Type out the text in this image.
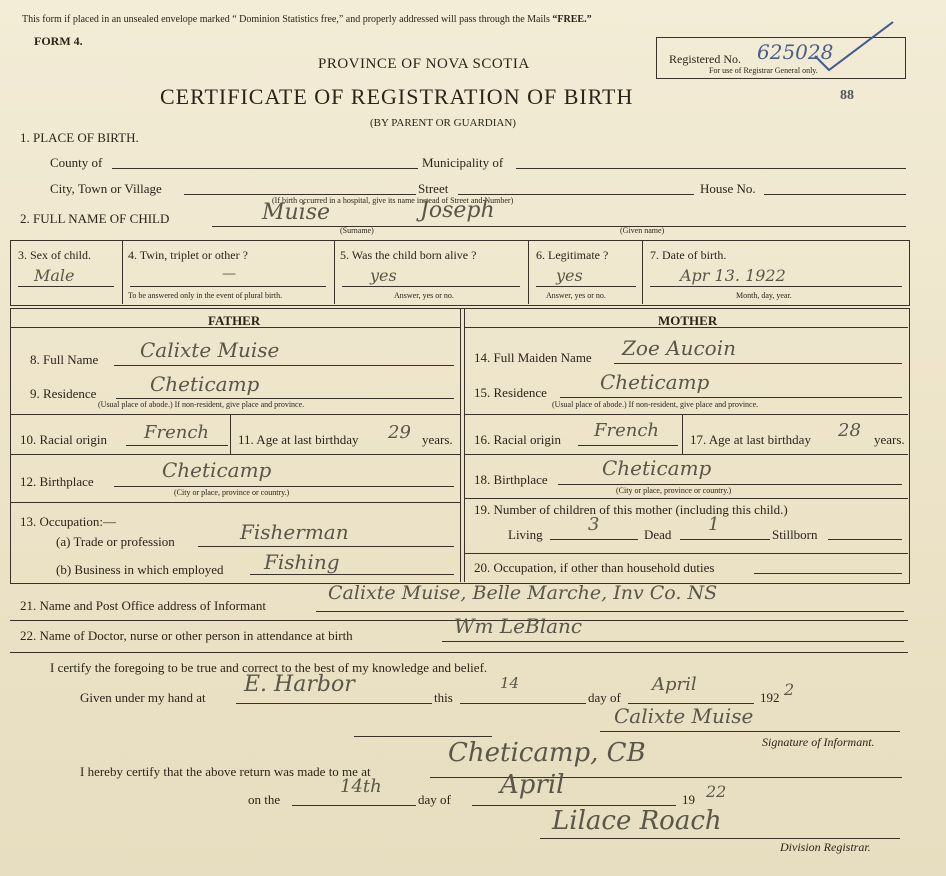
This form if placed in an unsealed envelope marked “ Dominion Statistics free,” and properly addressed will pass through the Mails “FREE.”
FORM 4.
PROVINCE OF NOVA SCOTIA
CERTIFICATE OF REGISTRATION OF BIRTH
(BY PARENT OR GUARDIAN)
Registered No. 625028
For use of Registrar General only.
88
1. PLACE OF BIRTH.
County of	Municipality of
City, Town or Village	Street	House No.
(If birth occurred in a hospital, give its name instead of Street and Number)
2. FULL NAME OF CHILD	Muise	Joseph
(Surname)	(Given name)
3. Sex of child.
Male
4. Twin, triplet or other ?
—
To be answered only in the event of plural birth.
5. Was the child born alive ?
yes
Answer, yes or no.
6. Legitimate ?
yes
Answer, yes or no.
7. Date of birth.
Apr 13. 1922
Month, day, year.
FATHER	MOTHER
8. Full Name Calixte Muise
9. Residence	Cheticamp
(Usual place of abode.) If non-resident, give place and province.
10. Racial origin French 11. Age at last birthday 29 years.
12. Birthplace	Cheticamp
(City or place, province or country.)
13. Occupation:—
(a) Trade or profession	Fisherman
(b) Business in which employed Fishing
14. Full Maiden Name Zoe Aucoin
15. Residence	Cheticamp
(Usual place of abode.) If non-resident, give place and province.
16. Racial origin French 17. Age at last birthday 28 years.
18. Birthplace	Cheticamp
(City or place, province or country.)
19. Number of children of this mother (including this child.)
Living	3	Dead 1	Stillborn
20. Occupation, if other than household duties
21. Name and Post Office address of Informant
Calixte Muise, Belle Marche, Inv Co. NS
22. Name of Doctor, nurse or other person in attendance at birth	Wm LeBlanc
I certify the foregoing to be true and correct to the best of my knowledge and belief.
Given under my hand at
E. Harbor
this
14
day of
April
192 2
Calixte Muise
Signature of Informant.
I hereby certify that the above return was made to me at
Cheticamp, CB
on the
14th
day of April	19 22
Lilace Roach
Division Registrar.
